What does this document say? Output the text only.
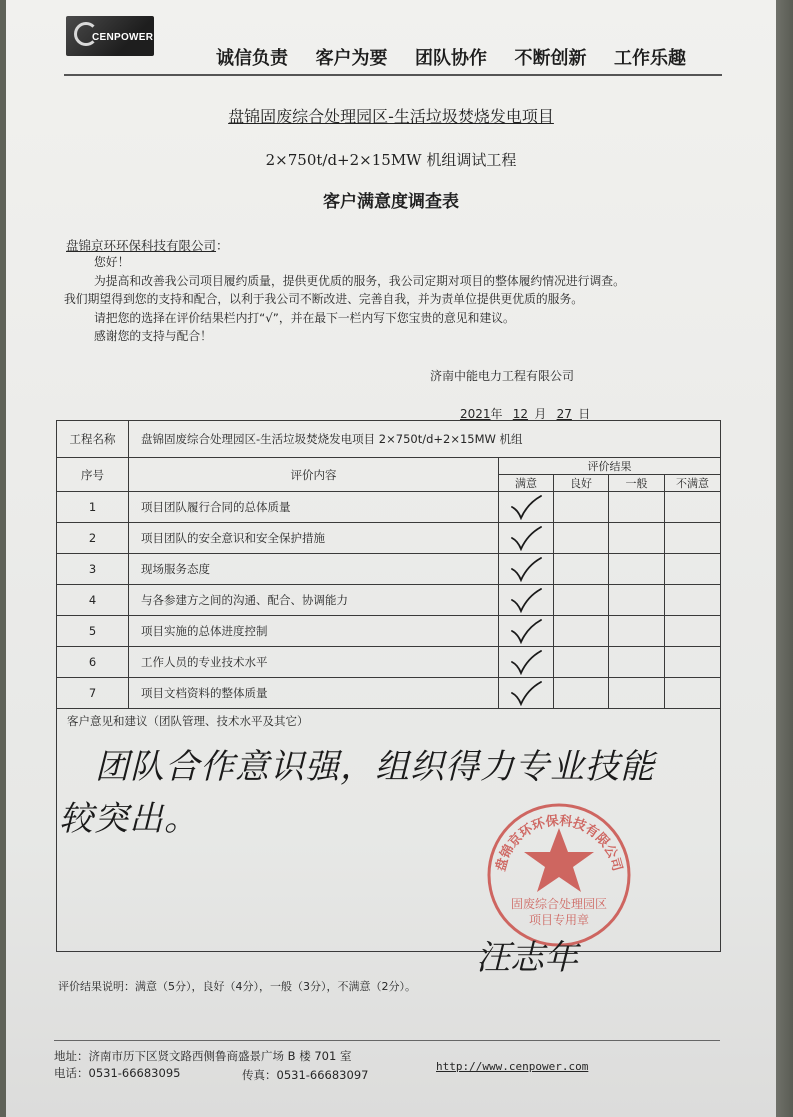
CENPOWER
诚信负责 客户为要 团队协作 不断创新 工作乐趣
盘锦固废综合处理园区-生活垃圾焚烧发电项目
2×750t/d+2×15MW 机组调试工程
客户满意度调查表
盘锦京环环保科技有限公司：
您好！
为提高和改善我公司项目履约质量，提供更优质的服务，我公司定期对项目的整体履约情况进行调查。
我们期望得到您的支持和配合，以利于我公司不断改进、完善自我，并为责单位提供更优质的服务。
请把您的选择在评价结果栏内打“√”，并在最下一栏内写下您宝贵的意见和建议。
感谢您的支持与配合！
济南中能电力工程有限公司
2021年 12 月 27 日
工程名称	盘锦固废综合处理园区-生活垃圾焚烧发电项目 2×750t/d+2×15MW 机组				
序号	评价内容	评价结果			
		满意	良好	一般	不满意
1	项目团队履行合同的总体质量				
2	项目团队的安全意识和安全保护措施				
3	现场服务态度				
4	与各参建方之间的沟通、配合、协调能力				
5	项目实施的总体进度控制				
6	工作人员的专业技术水平				
7	项目文档资料的整体质量				

客户意见和建议（团队管理、技术水平及其它）
团队合作意识强，组织得力专业技能
较突出。					
盘锦京环环保科技有限公司
固废综合处理园区
项目专用章
汪志年
评价结果说明：满意（5分），良好（4分），一般（3分），不满意（2分）。
地址：济南市历下区贤文路西侧鲁商盛景广场 B 楼 701 室
电话：0531-66683095	传真：0531-66683097
http://www.cenpower.com
